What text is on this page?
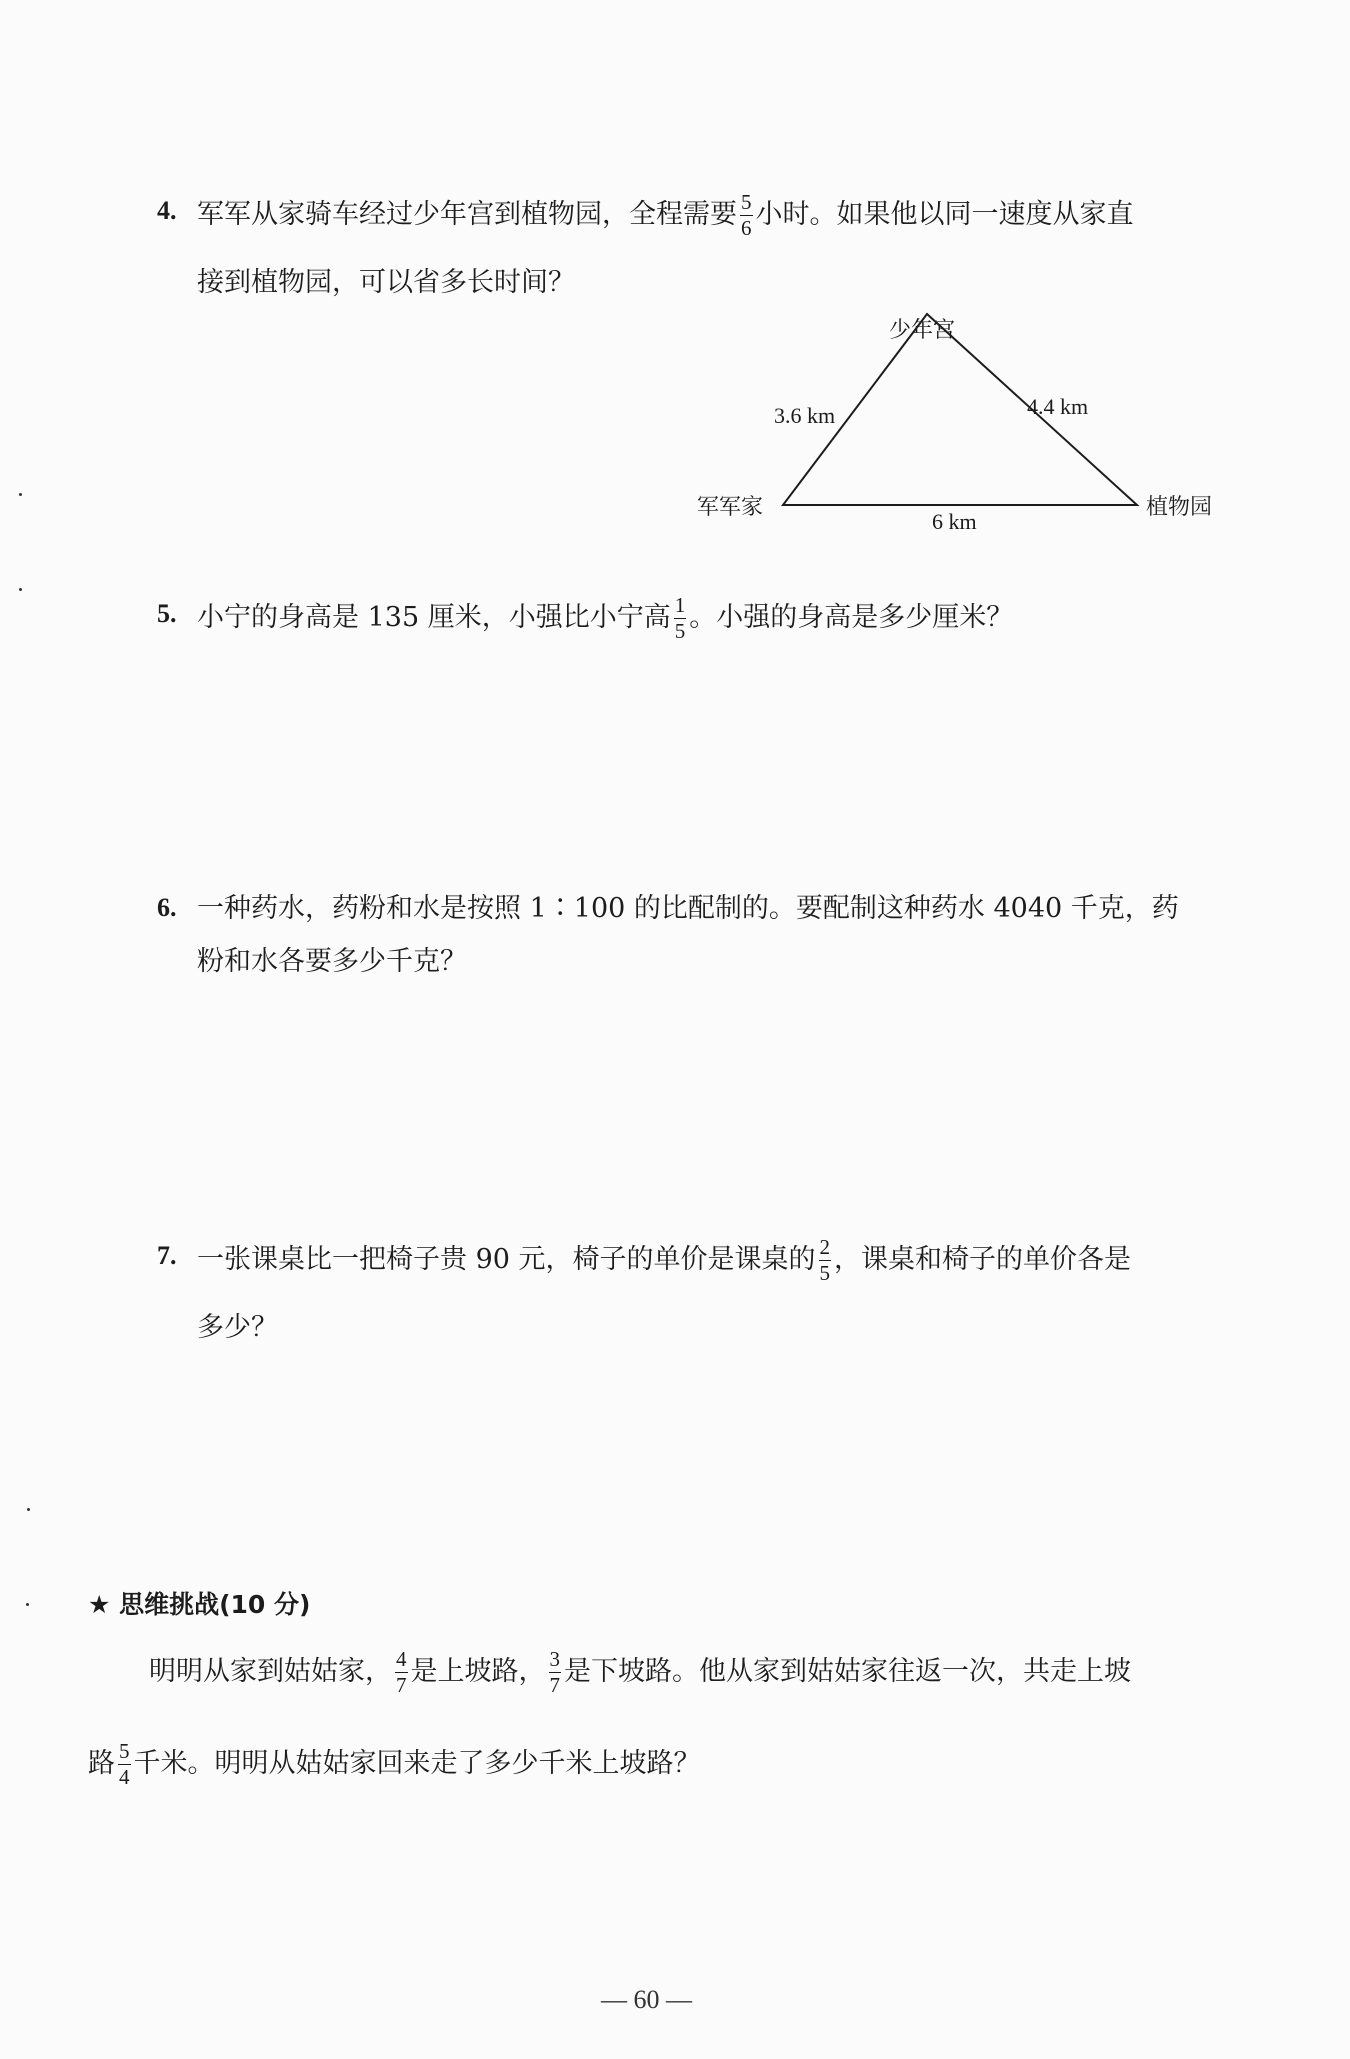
4. 军军从家骑车经过少年宫到植物园，全程需要 $\frac{5}{6}$ 小时。如果他以同一速度从家直
接到植物园，可以省多长时间？
少年宫
军军家	植物园
3.6 km	4.4 km
6 km
5. 小宁的身高是 135 厘米，小强比小宁高 $\frac{1}{5}$ 。小强的身高是多少厘米？
6. 一种药水，药粉和水是按照 1∶100 的比配制的。要配制这种药水 4040 千克，药
粉和水各要多少千克？
7. 一张课桌比一把椅子贵 90 元，椅子的单价是课桌的 $\frac{2}{5}$ ，课桌和椅子的单价各是
多少？
★ 思维挑战(10 分)
明明从家到姑姑家， $\frac{4}{7}$ 是上坡路， $\frac{3}{7}$ 是下坡路。他从家到姑姑家往返一次，共走上坡
路 $\frac{5}{4}$ 千米。明明从姑姑家回来走了多少千米上坡路？
— 60 —
